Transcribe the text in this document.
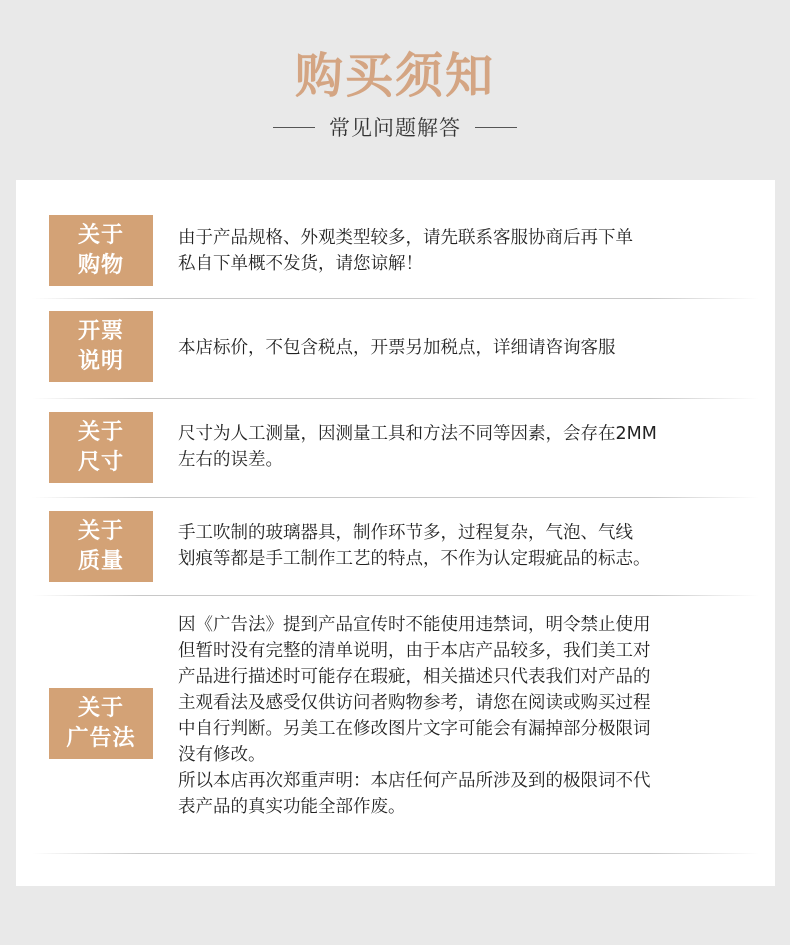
购买须知
常见问题解答
关于
购物
由于产品规格、外观类型较多，请先联系客服协商后再下单
私自下单概不发货，请您谅解！
开票
说明
本店标价，不包含税点，开票另加税点，详细请咨询客服
关于
尺寸
尺寸为人工测量，因测量工具和方法不同等因素，会存在2MM
左右的误差。
关于
质量
手工吹制的玻璃器具，制作环节多，过程复杂，气泡、气线
划痕等都是手工制作工艺的特点，不作为认定瑕疵品的标志。
关于
广告法
因《广告法》提到产品宣传时不能使用违禁词，明令禁止使用
但暂时没有完整的清单说明，由于本店产品较多，我们美工对
产品进行描述时可能存在瑕疵，相关描述只代表我们对产品的
主观看法及感受仅供访问者购物参考，请您在阅读或购买过程
中自行判断。另美工在修改图片文字可能会有漏掉部分极限词
没有修改。
所以本店再次郑重声明：本店任何产品所涉及到的极限词不代
表产品的真实功能全部作废。
